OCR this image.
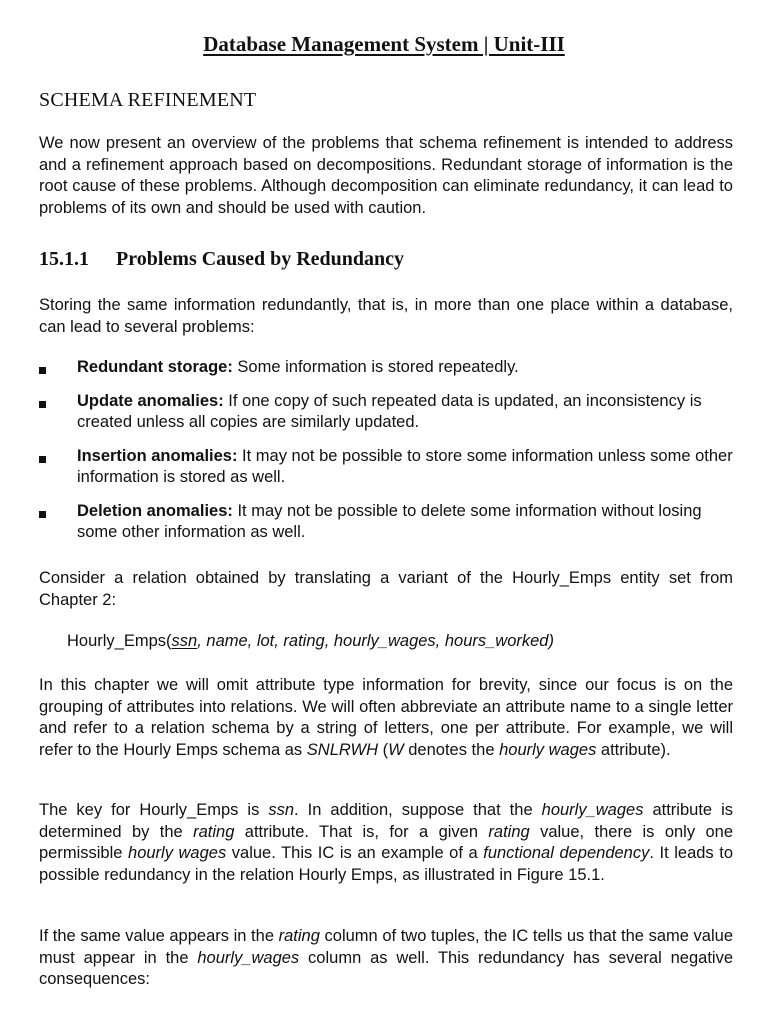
Database Management System | Unit-III
SCHEMA REFINEMENT

We now present an overview of the problems that schema refinement is intended to address and a refinement approach based on decompositions. Redundant storage of information is the root cause of these problems. Although decomposition can eliminate redundancy, it can lead to problems of its own and should be used with caution.

15.1.1 Problems Caused by Redundancy

Storing the same information redundantly, that is, in more than one place within a database, can lead to several problems:

Redundant storage: Some information is stored repeatedly.
Update anomalies: If one copy of such repeated data is updated, an inconsistency is created unless all copies are similarly updated.
Insertion anomalies: It may not be possible to store some information unless some other information is stored as well.
Deletion anomalies: It may not be possible to delete some information without losing some other information as well.

Consider a relation obtained by translating a variant of the Hourly_Emps entity set from Chapter 2:

Hourly_Emps(ssn, name, lot, rating, hourly_wages, hours_worked)

In this chapter we will omit attribute type information for brevity, since our focus is on the grouping of attributes into relations. We will often abbreviate an attribute name to a single letter and refer to a relation schema by a string of letters, one per attribute. For example, we will refer to the Hourly Emps schema as SNLRWH (W denotes the hourly wages attribute).

The key for Hourly_Emps is ssn. In addition, suppose that the hourly_wages attribute is determined by the rating attribute. That is, for a given rating value, there is only one permissible hourly wages value. This IC is an example of a functional dependency. It leads to possible redundancy in the relation Hourly Emps, as illustrated in Figure 15.1.

If the same value appears in the rating column of two tuples, the IC tells us that the same value must appear in the hourly_wages column as well. This redundancy has several negative consequences:
